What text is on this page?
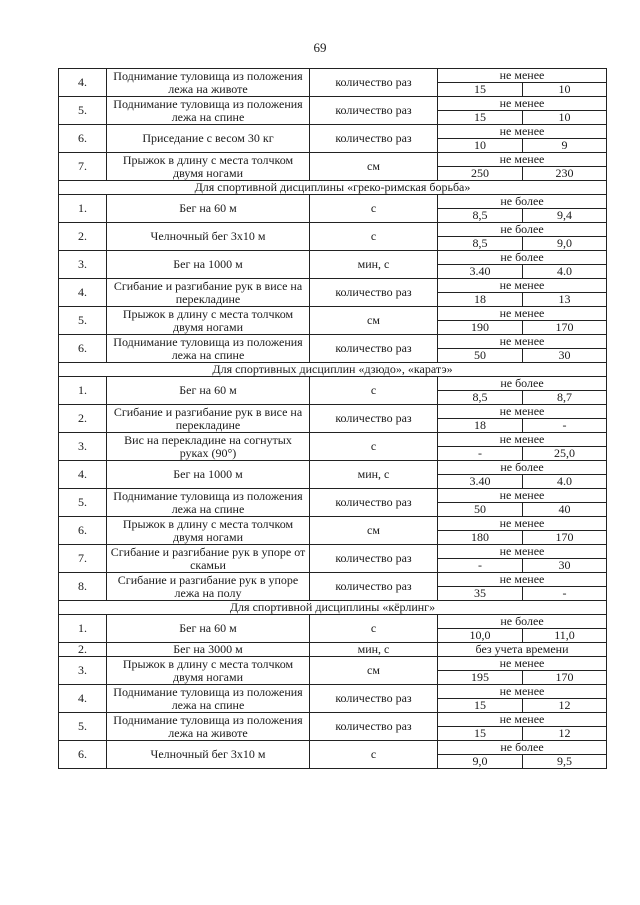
69
4.	Поднимание туловища из положения лежа на животе	количество раз	не менее	
			15	10
5.	Поднимание туловища из положения лежа на спине	количество раз	не менее	
			15	10
6.	Приседание с весом 30 кг	количество раз	не менее	
			10	9
7.	Прыжок в длину с места толчком двумя ногами	см	не менее	
			250	230
Для спортивной дисциплины «греко-римская борьба»				
1.	Бег на 60 м	с	не более	
			8,5	9,4
2.	Челночный бег 3x10 м	с	не более	
			8,5	9,0
3.	Бег на 1000 м	мин, с	не более	
			3.40	4.0
4.	Сгибание и разгибание рук в висе на перекладине	количество раз	не менее	
			18	13
5.	Прыжок в длину с места толчком двумя ногами	см	не менее	
			190	170
6.	Поднимание туловища из положения лежа на спине	количество раз	не менее	
			50	30
Для спортивных дисциплин «дзюдо», «каратэ»				
1.	Бег на 60 м	с	не более	
			8,5	8,7
2.	Сгибание и разгибание рук в висе на перекладине	количество раз	не менее	
			18	-
3.	Вис на перекладине на согнутых руках (90°)	с	не менее	
			-	25,0
4.	Бег на 1000 м	мин, с	не более	
			3.40	4.0
5.	Поднимание туловища из положения лежа на спине	количество раз	не менее	
			50	40
6.	Прыжок в длину с места толчком двумя ногами	см	не менее	
			180	170
7.	Сгибание и разгибание рук в упоре от скамьи	количество раз	не менее	
			-	30
8.	Сгибание и разгибание рук в упоре лежа на полу	количество раз	не менее	
			35	-
Для спортивной дисциплины «кёрлинг»				
1.	Бег на 60 м	с	не более	
			10,0	11,0
2.	Бег на 3000 м	мин, с	без учета времени	
3.	Прыжок в длину с места толчком двумя ногами	см	не менее	
			195	170
4.	Поднимание туловища из положения лежа на спине	количество раз	не менее	
			15	12
5.	Поднимание туловища из положения лежа на животе	количество раз	не менее	
			15	12
6.	Челночный бег 3x10 м	с	не более	
			9,0	9,5
